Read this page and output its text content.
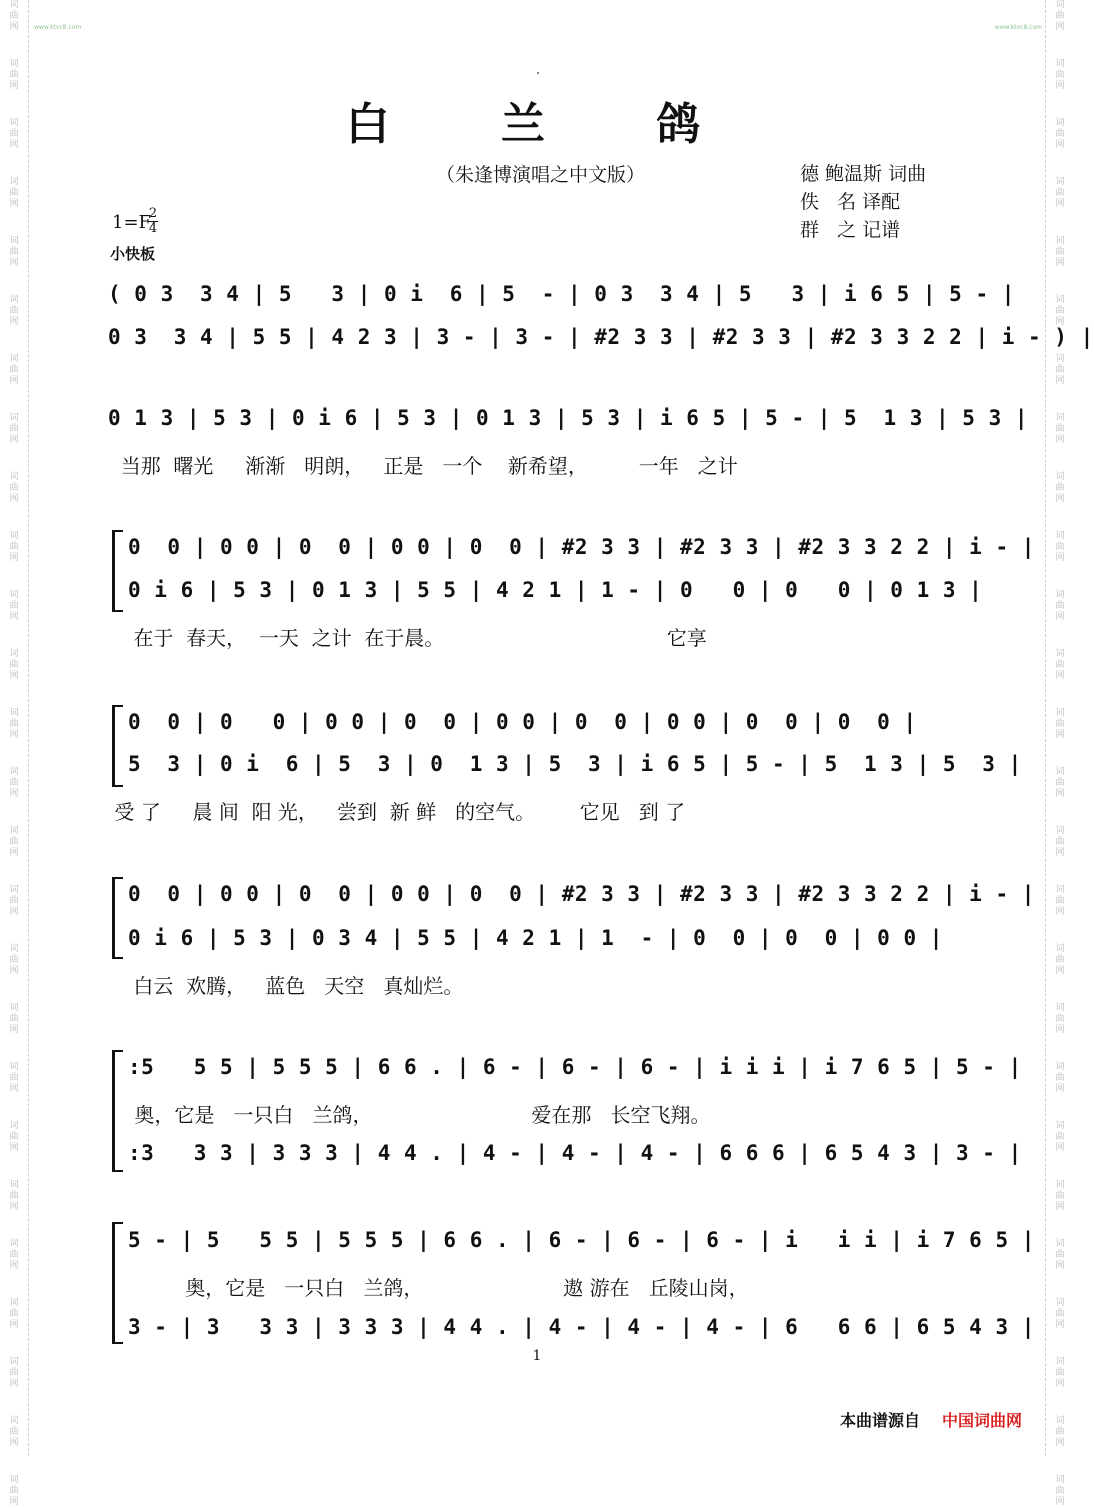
词
曲
网
词
曲
网
词
曲
网
词
曲
网
词
曲
网
词
曲
网
词
曲
网
词
曲
网
词
曲
网
词
曲
网
词
曲
网
词
曲
网
词
曲
网
词
曲
网
词
曲
网
词
曲
网
词
曲
网
词
曲
网
词
曲
网
词
曲
网
词
曲
网
词
曲
网
词
曲
网
词
曲
网
词
曲
网
词
曲
网
词
曲
网
词
曲
网
词
曲
网
词
曲
网
词
曲
网
词
曲
网
词
曲
网
词
曲
网
词
曲
网
词
曲
网
词
曲
网
词
曲
网
词
曲
网
词
曲
网
词
曲
网
词
曲
网
词
曲
网
词
曲
网
词
曲
网
词
曲
网
词
曲
网
词
曲
网
词
曲
网
词
曲
网
词
曲
网
词
曲
网
www.ktvc8.com	www.ktvc8.com
白 兰 鸽
（朱逢博演唱之中文版）	德 鲍温斯 词曲
佚   名 译配
群   之 记谱
1=F
2
4
小快板
( 0 3  3 4 | 5   3 | 0 i  6 | 5  - | 0 3  3 4 | 5   3 | i 6 5 | 5 - |
0 3  3 4 | 5 5 | 4 2 3 | 3 - | 3 - | #2 3 3 | #2 3 3 | #2 3 3 2 2 | i - ) |
0 1 3 | 5 3 | 0 i 6 | 5 3 | 0 1 3 | 5 3 | i 6 5 | 5 - | 5  1 3 | 5 3 |
当那  曙光     渐渐   明朗，   正是   一个    新希望，        一年   之计
0  0 | 0 0 | 0  0 | 0 0 | 0  0 | #2 3 3 | #2 3 3 | #2 3 3 2 2 | i - |
0 i 6 | 5 3 | 0 1 3 | 5 5 | 4 2 1 | 1 - | 0   0 | 0   0 | 0 1 3 |
在于  春天，  一天  之计  在于晨。                                   它享
0  0 | 0   0 | 0 0 | 0  0 | 0 0 | 0  0 | 0 0 | 0  0 | 0  0 |
5  3 | 0 i  6 | 5  3 | 0  1 3 | 5  3 | i 6 5 | 5 - | 5  1 3 | 5  3 |
受 了     晨 间  阳 光，   尝到  新 鲜   的空气。       它见   到 了
0  0 | 0 0 | 0  0 | 0 0 | 0  0 | #2 3 3 | #2 3 3 | #2 3 3 2 2 | i - |
0 i 6 | 5 3 | 0 3 4 | 5 5 | 4 2 1 | 1  - | 0  0 | 0  0 | 0 0 |
白云  欢腾，   蓝色   天空   真灿烂。
:5   5 5 | 5 5 5 | 6 6 . | 6 - | 6 - | 6 - | i i i | i 7 6 5 | 5 - |
奥，它是   一只白   兰鸽，                         爱在那   长空飞翔。
:3   3 3 | 3 3 3 | 4 4 . | 4 - | 4 - | 4 - | 6 6 6 | 6 5 4 3 | 3 - |
5 - | 5   5 5 | 5 5 5 | 6 6 . | 6 - | 6 - | 6 - | i   i i | i 7 6 5 |
奥，它是   一只白   兰鸽，                      遨 游在   丘陵山岗，
3 - | 3   3 3 | 3 3 3 | 4 4 . | 4 - | 4 - | 4 - | 6   6 6 | 6 5 4 3 |
1
本曲谱源自 中国词曲网
